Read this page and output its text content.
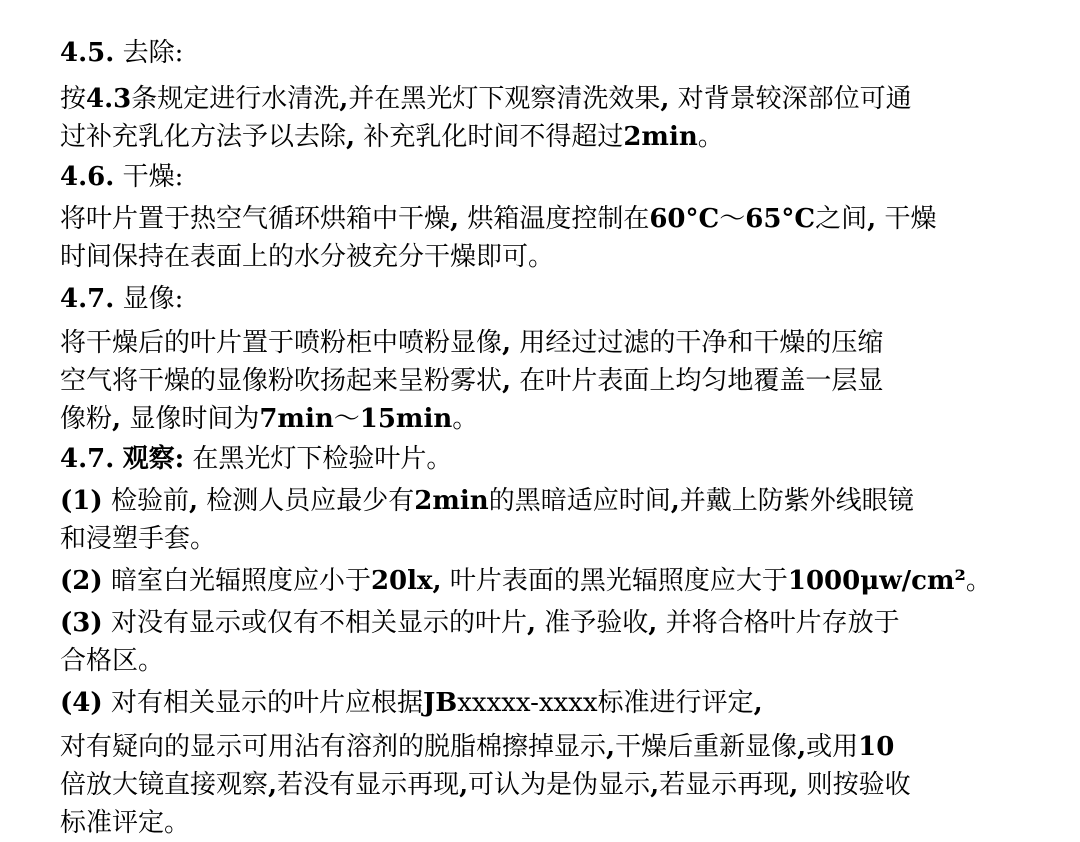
4.5. 去除:
按4.3条规定进行水清洗,并在黑光灯下观察清洗效果, 对背景较深部位可通
过补充乳化方法予以去除, 补充乳化时间不得超过2min。
4.6. 干燥:
将叶片置于热空气循环烘箱中干燥, 烘箱温度控制在60°C～65°C之间, 干燥
时间保持在表面上的水分被充分干燥即可。
4.7. 显像:
将干燥后的叶片置于喷粉柜中喷粉显像, 用经过过滤的干净和干燥的压缩
空气将干燥的显像粉吹扬起来呈粉雾状, 在叶片表面上均匀地覆盖一层显
像粉, 显像时间为7min～15min。
4.7. 观察: 在黑光灯下检验叶片。
(1) 检验前, 检测人员应最少有2min的黑暗适应时间,并戴上防紫外线眼镜
和浸塑手套。
(2) 暗室白光辐照度应小于20lx, 叶片表面的黑光辐照度应大于1000μw/cm²。
(3) 对没有显示或仅有不相关显示的叶片, 准予验收, 并将合格叶片存放于
合格区。
(4) 对有相关显示的叶片应根据JBxxxxx-xxxx标准进行评定,
对有疑向的显示可用沾有溶剂的脱脂棉擦掉显示,干燥后重新显像,或用10
倍放大镜直接观察,若没有显示再现,可认为是伪显示,若显示再现, 则按验收
标准评定。
